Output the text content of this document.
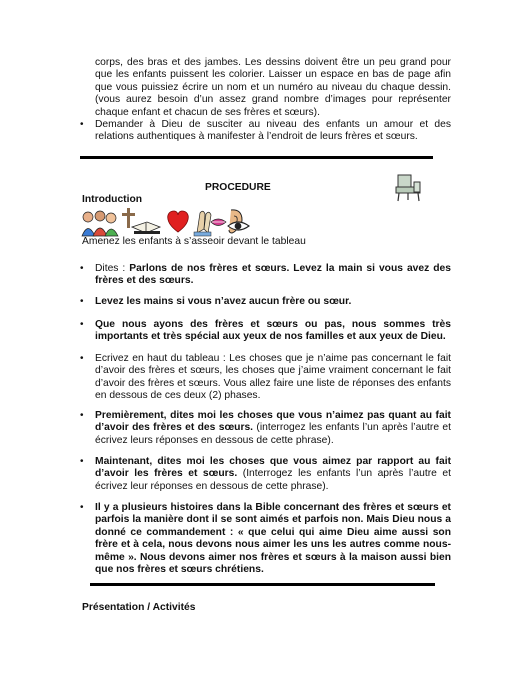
corps, des bras et des jambes. Les dessins doivent être un peu grand pour que les enfants puissent les colorier. Laisser un espace en bas de page afin que vous puissiez écrire un nom et un numéro au niveau du chaque dessin. (vous aurez besoin d’un assez grand nombre d’images pour représenter chaque enfant et chacun de ses frères et sœurs).
•	Demander à Dieu de susciter au niveau des enfants un amour et des relations authentiques à manifester à l’endroit de leurs frères et sœurs.
PROCEDURE
Introduction
Amenez les enfants à s’asseoir devant le tableau
• Dites : Parlons de nos frères et sœurs. Levez la main si vous avez des frères et des sœurs.
• Levez les mains si vous n’avez aucun frère ou sœur.
• Que nous ayons des frères et sœurs ou pas, nous sommes très importants et très spécial aux yeux de nos familles et aux yeux de Dieu.
• Ecrivez en haut du tableau : Les choses que je n’aime pas concernant le fait d’avoir des frères et sœurs, les choses que j’aime vraiment concernant le fait d’avoir des frères et sœurs. Vous allez faire une liste de réponses des enfants en dessous de ces deux (2) phases.
• Premièrement, dites moi les choses que vous n’aimez pas quant au fait d’avoir des frères et des sœurs. (interrogez les enfants l’un après l’autre et écrivez leurs réponses en dessous de cette phrase).
• Maintenant, dites moi les choses que vous aimez par rapport au fait d’avoir les frères et sœurs. (Interrogez les enfants l’un après l’autre et écrivez leur réponses en dessous de cette phrase).
• Il y a plusieurs histoires dans la Bible concernant des frères et sœurs et parfois la manière dont il se sont aimés et parfois non. Mais Dieu nous a donné ce commandement : « que celui qui aime Dieu aime aussi son frère et à cela, nous devons nous aimer les uns les autres comme nous-même ». Nous devons aimer nos frères et sœurs à la maison aussi bien que nos frères et sœurs chrétiens.
Présentation / Activités
